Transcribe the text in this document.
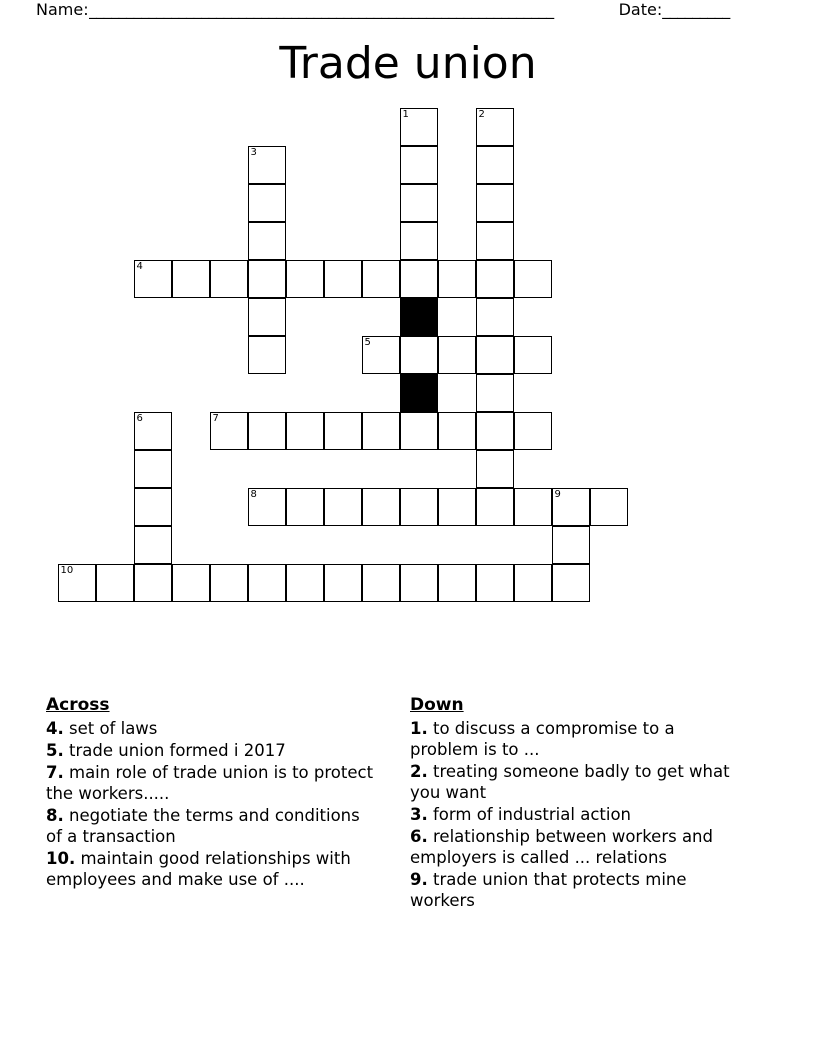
Name: ______________________________________________________________	Date: _________
Trade union
1	2
3
4
5
6	7
8	9
10
Across
4. set of laws
5. trade union formed i 2017
7. main role of trade union is to protect the workers.....
8. negotiate the terms and conditions of a transaction
10. maintain good relationships with employees and make use of ....
Down
1. to discuss a compromise to a problem is to ...
2. treating someone badly to get what you want
3. form of industrial action
6. relationship between workers and employers is called ... relations
9. trade union that protects mine workers
